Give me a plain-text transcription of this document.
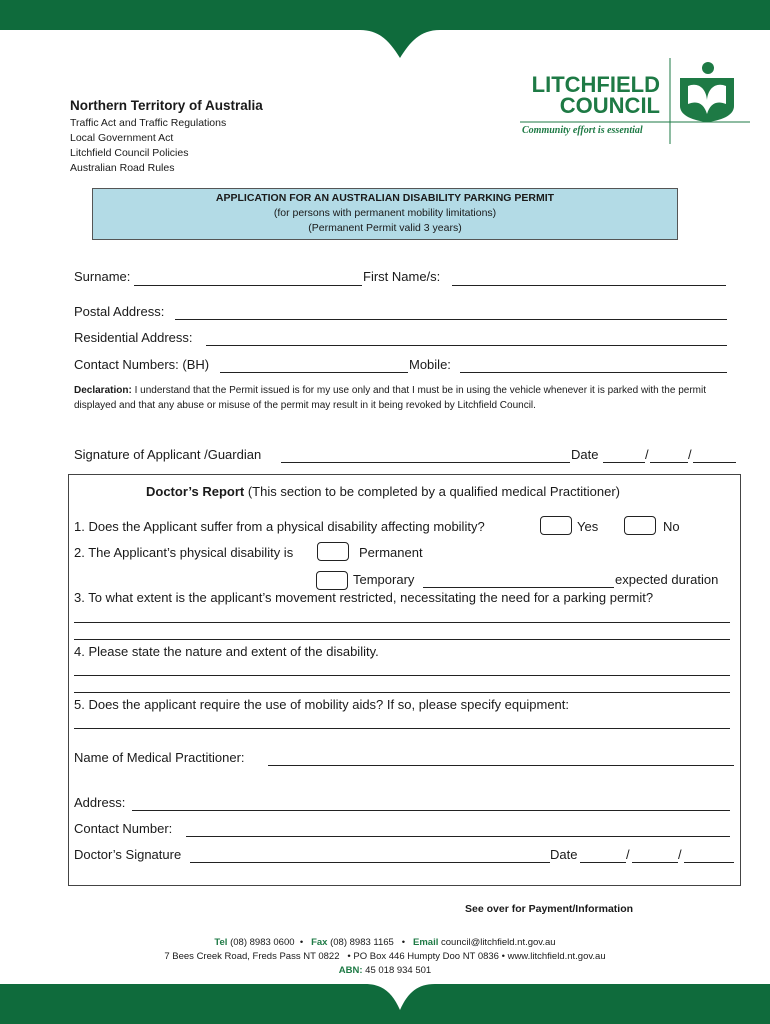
Northern Territory of Australia
Traffic Act and Traffic Regulations
Local Government Act
Litchfield Council Policies
Australian Road Rules
LITCHFIELD
COUNCIL
Community effort is essential
APPLICATION FOR AN AUSTRALIAN DISABILITY PARKING PERMIT
(for persons with permanent mobility limitations)
(Permanent Permit valid 3 years)
Surname:	First Name/s:
Postal Address:
Residential Address:
Contact Numbers: (BH)	Mobile:
Declaration: I understand that the Permit issued is for my use only and that I must be in using the vehicle whenever it is parked with the permit displayed and that any abuse or misuse of the permit may result in it being revoked by Litchfield Council.
Signature of Applicant /Guardian	Date	/	/
Doctor’s Report (This section to be completed by a qualified medical Practitioner)
1. Does the Applicant suffer from a physical disability affecting mobility?	Yes	No
2. The Applicant’s physical disability is	Permanent
Temporary	expected duration
3. To what extent is the applicant’s movement restricted, necessitating the need for a parking permit?
4. Please state the nature and extent of the disability.
5. Does the applicant require the use of mobility aids? If so, please specify equipment:
Name of Medical Practitioner:
Address:
Contact Number:
Doctor’s Signature	Date	/	/
See over for Payment/Information
Tel (08) 8983 0600 • Fax (08) 8983 1165 • Email council@litchfield.nt.gov.au
7 Bees Creek Road, Freds Pass NT 0822 • PO Box 446 Humpty Doo NT 0836 • www.litchfield.nt.gov.au
ABN: 45 018 934 501
